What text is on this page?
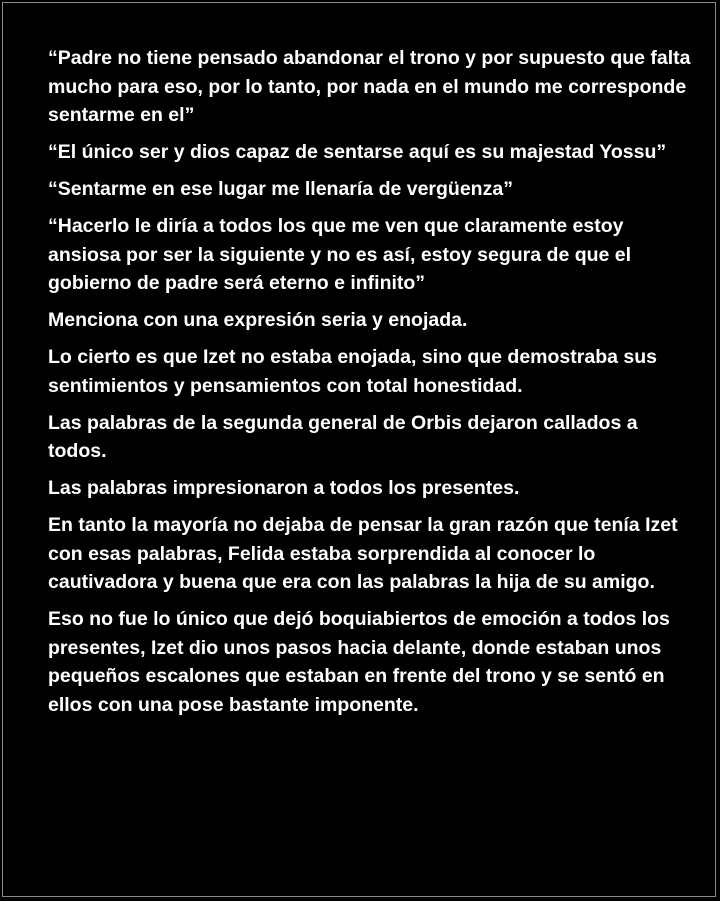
“Padre no tiene pensado abandonar el trono y por supuesto que falta mucho para eso, por lo tanto, por nada en el mundo me corresponde sentarme en el”

“El único ser y dios capaz de sentarse aquí es su majestad Yossu”

“Sentarme en ese lugar me llenaría de vergüenza”

“Hacerlo le diría a todos los que me ven que claramente estoy ansiosa por ser la siguiente y no es así, estoy segura de que el gobierno de padre será eterno e infinito”

Menciona con una expresión seria y enojada.

Lo cierto es que Izet no estaba enojada, sino que demostraba sus sentimientos y pensamientos con total honestidad.

Las palabras de la segunda general de Orbis dejaron callados a todos.

Las palabras impresionaron a todos los presentes.

En tanto la mayoría no dejaba de pensar la gran razón que tenía Izet con esas palabras, Felida estaba sorprendida al conocer lo cautivadora y buena que era con las palabras la hija de su amigo.

Eso no fue lo único que dejó boquiabiertos de emoción a todos los presentes, Izet dio unos pasos hacia delante, donde estaban unos pequeños escalones que estaban en frente del trono y se sentó en ellos con una pose bastante imponente.
